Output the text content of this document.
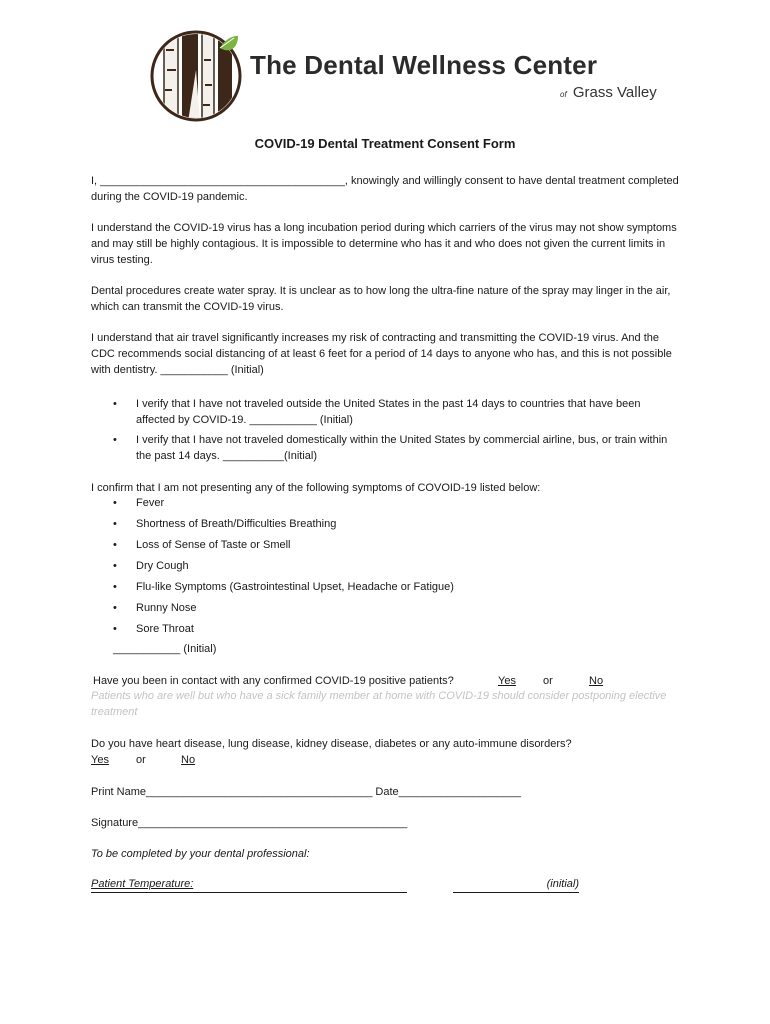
The Dental Wellness Center
of Grass Valley
COVID-19 Dental Treatment Consent Form

I, ________________________________________, knowingly and willingly consent to have dental treatment completed during the COVID-19 pandemic.

I understand the COVID-19 virus has a long incubation period during which carriers of the virus may not show symptoms and may still be highly contagious. It is impossible to determine who has it and who does not given the current limits in virus testing.

Dental procedures create water spray. It is unclear as to how long the ultra-fine nature of the spray may linger in the air, which can transmit the COVID-19 virus.

I understand that air travel significantly increases my risk of contracting and transmitting the COVID-19 virus. And the CDC recommends social distancing of at least 6 feet for a period of 14 days to anyone who has, and this is not possible with dentistry. ___________ (Initial)

• I verify that I have not traveled outside the United States in the past 14 days to countries that have been affected by COVID-19. ___________ (Initial)
• I verify that I have not traveled domestically within the United States by commercial airline, bus, or train within the past 14 days. __________(Initial)

I confirm that I am not presenting any of the following symptoms of COVOID-19 listed below:

• Fever
• Shortness of Breath/Difficulties Breathing
• Loss of Sense of Taste or Smell
• Dry Cough
• Flu-like Symptoms (Gastrointestinal Upset, Headache or Fatigue)
• Runny Nose
• Sore Throat
___________ (Initial)
Have you been in contact with any confirmed COVID-19 positive patients?	Yes or	No

Patients who are well but who have a sick family member at home with COVID-19 should consider postponing elective treatment

Do you have heart disease, lung disease, kidney disease, diabetes or any auto-immune disorders?
Yes or	No
Print Name_____________________________________ Date____________________
Signature____________________________________________
To be completed by your dental professional:
Patient Temperature:	(initial)
